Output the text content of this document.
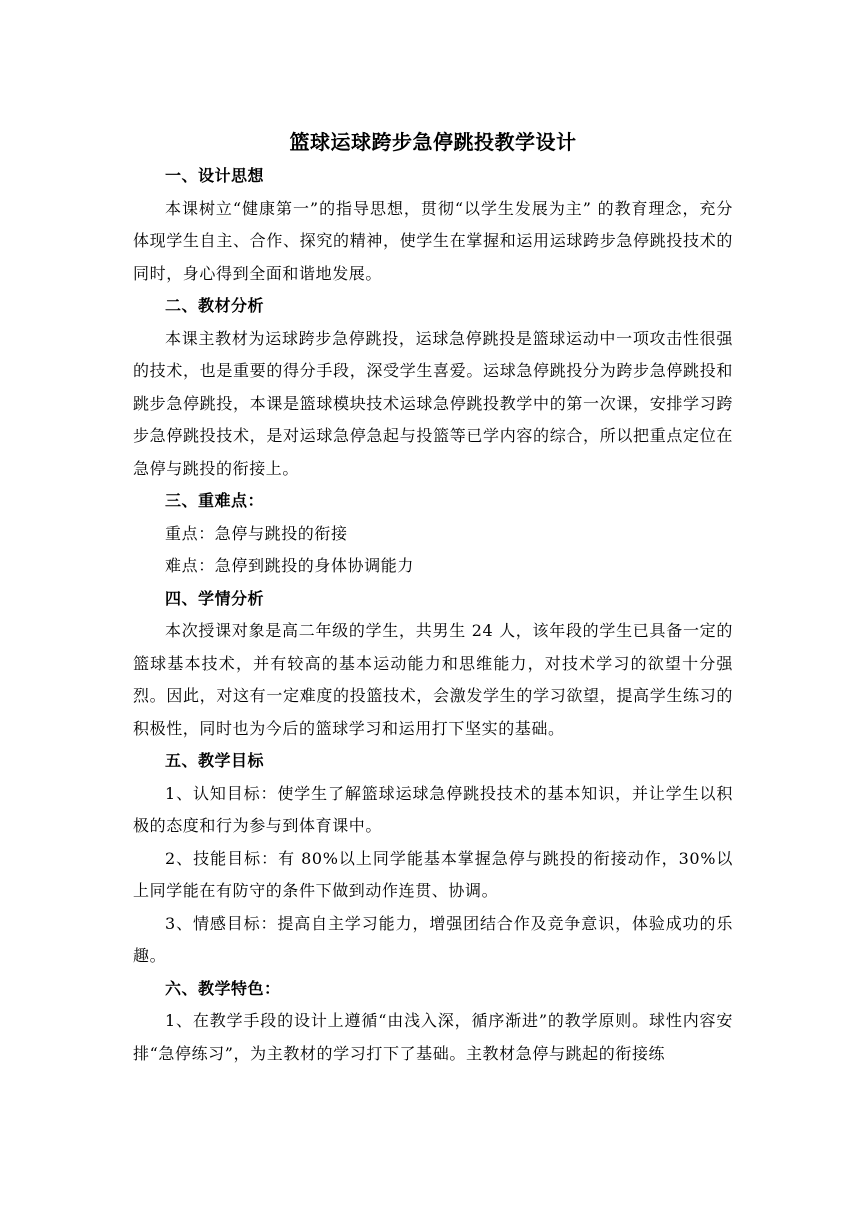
篮球运球跨步急停跳投教学设计

一、设计思想

本课树立“健康第一”的指导思想，贯彻“以学生发展为主” 的教育理念，充分体现学生自主、合作、探究的精神，使学生在掌握和运用运球跨步急停跳投技术的同时，身心得到全面和谐地发展。

二、教材分析

本课主教材为运球跨步急停跳投，运球急停跳投是篮球运动中一项攻击性很强的技术，也是重要的得分手段，深受学生喜爱。运球急停跳投分为跨步急停跳投和跳步急停跳投，本课是篮球模块技术运球急停跳投教学中的第一次课，安排学习跨步急停跳投技术，是对运球急停急起与投篮等已学内容的综合，所以把重点定位在急停与跳投的衔接上。

三、重难点：

重点：急停与跳投的衔接

难点：急停到跳投的身体协调能力

四、学情分析

本次授课对象是高二年级的学生，共男生 24 人，该年段的学生已具备一定的篮球基本技术，并有较高的基本运动能力和思维能力，对技术学习的欲望十分强烈。因此，对这有一定难度的投篮技术，会激发学生的学习欲望，提高学生练习的积极性，同时也为今后的篮球学习和运用打下坚实的基础。

五、教学目标

1、认知目标：使学生了解篮球运球急停跳投技术的基本知识，并让学生以积极的态度和行为参与到体育课中。

2、技能目标：有 80%以上同学能基本掌握急停与跳投的衔接动作，30%以上同学能在有防守的条件下做到动作连贯、协调。

3、情感目标：提高自主学习能力，增强团结合作及竞争意识，体验成功的乐趣。

六、教学特色：

1、在教学手段的设计上遵循“由浅入深，循序渐进”的教学原则。球性内容安排“急停练习”，为主教材的学习打下了基础。主教材急停与跳起的衔接练
